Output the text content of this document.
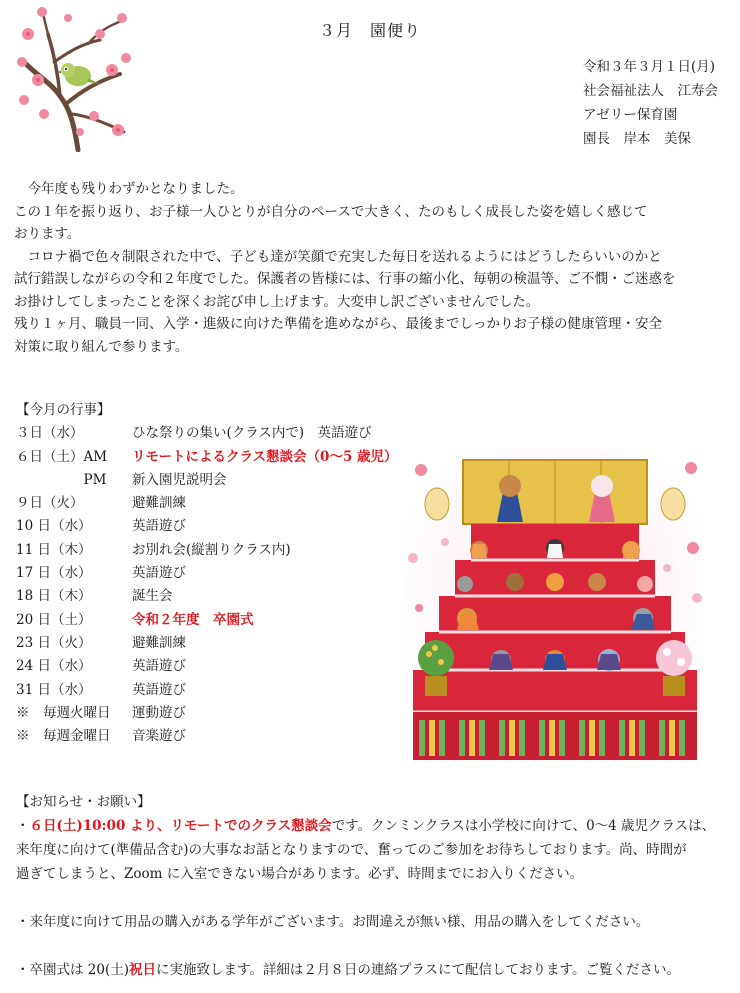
３月　園便り
令和３年３月１日(月)
社会福祉法人　江寿会
アゼリー保育園
園長　岸本　美保
　今年度も残りわずかとなりました。
この１年を振り返り、お子様一人ひとりが自分のペースで大きく、たのもしく成長した姿を嬉しく感じて
おります。
　コロナ禍で色々制限された中で、子ども達が笑顔で充実した毎日を送れるようにはどうしたらいいのかと
試行錯誤しながらの令和２年度でした。保護者の皆様には、行事の縮小化、毎朝の検温等、ご不憫・ご迷惑を
お掛けしてしまったことを深くお詫び申し上げます。大変申し訳ございませんでした。
残り１ヶ月、職員一同、入学・進級に向けた準備を進めながら、最後までしっかりお子様の健康管理・安全
対策に取り組んで参ります。
【今月の行事】
３日（水）	ひな祭りの集い(クラス内で)　英語遊び
６日（土）AM リモートによるクラス懇談会（0～5 歳児）
　　　　　PM 新入園児説明会
９日（火）	避難訓練
10 日（水）	英語遊び
11 日（木）	お別れ会(縦割りクラス内)
17 日（水）	英語遊び
18 日（木）	誕生会
20 日（土）	令和２年度　卒園式
23 日（火）	避難訓練
24 日（水）	英語遊び
31 日（水）	英語遊び
※　毎週火曜日 運動遊び
※　毎週金曜日 音楽遊び
【お知らせ・お願い】
・６日(土)10:00 より、リモートでのクラス懇談会です。クンミンクラスは小学校に向けて、0～4 歳児クラスは、
来年度に向けて(準備品含む)の大事なお話となりますので、奮ってのご参加をお待ちしております。尚、時間が
過ぎてしまうと、Zoom に入室できない場合があります。必ず、時間までにお入りください。
・来年度に向けて用品の購入がある学年がございます。お間違えが無い様、用品の購入をしてください。
・卒園式は 20(土)祝日に実施致します。詳細は２月８日の連絡プラスにて配信しております。ご覧ください。
